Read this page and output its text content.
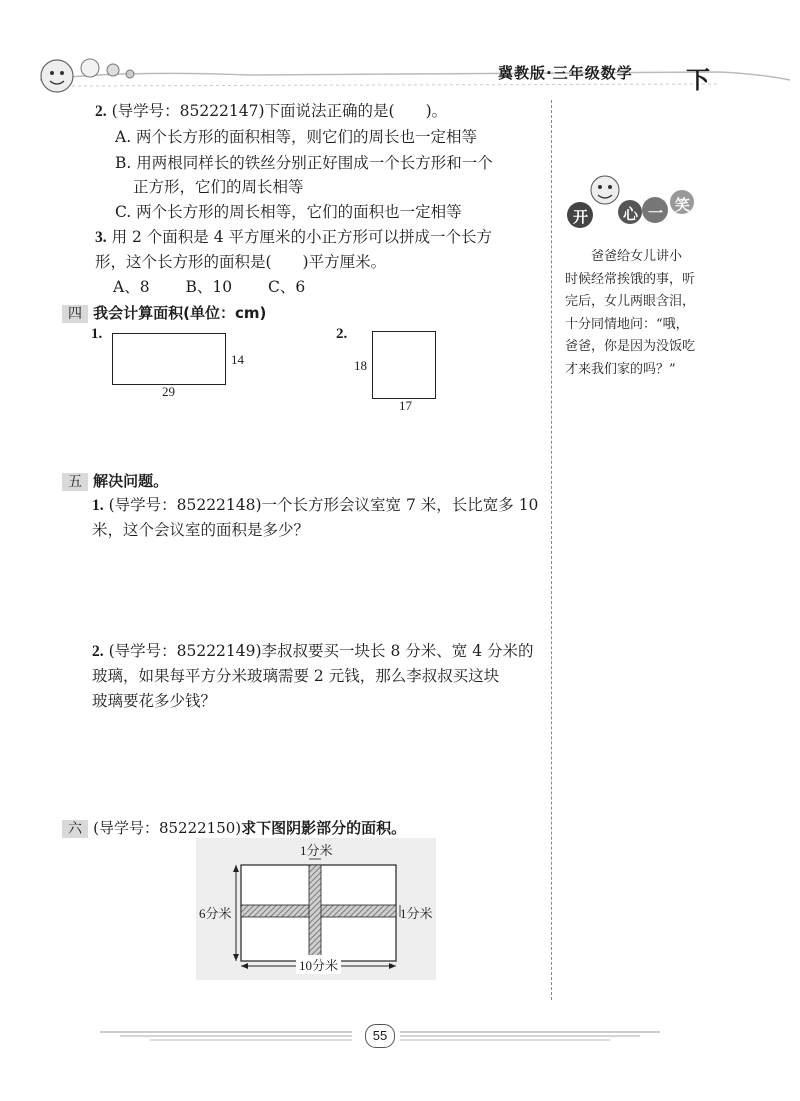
冀教版·三年级数学 下
开 心 一 笑
爸爸给女儿讲小
时候经常挨饿的事，听
完后，女儿两眼含泪，
十分同情地问：“哦，
爸爸，你是因为没饭吃
才来我们家的吗？”
2. (导学号：85222147)下面说法正确的是(　　)。
A. 两个长方形的面积相等，则它们的周长也一定相等
B. 用两根同样长的铁丝分别正好围成一个长方形和一个
正方形，它们的周长相等
C. 两个长方形的周长相等，它们的面积也一定相等
3. 用 2 个面积是 4 平方厘米的小正方形可以拼成一个长方
形，这个长方形的面积是(　　)平方厘米。
A、8　　 B、10　　 C、6
四 我会计算面积(单位：cm)
1.
14
29
2.
18
17
五 解决问题。
1. (导学号：85222148)一个长方形会议室宽 7 米，长比宽多 10
米，这个会议室的面积是多少？
2. (导学号：85222149)李叔叔要买一块长 8 分米、宽 4 分米的
玻璃，如果每平方分米玻璃需要 2 元钱，那么李叔叔买这块
玻璃要花多少钱？
六 (导学号：85222150)求下图阴影部分的面积。
1分米
6分米	1分米
10分米
55
